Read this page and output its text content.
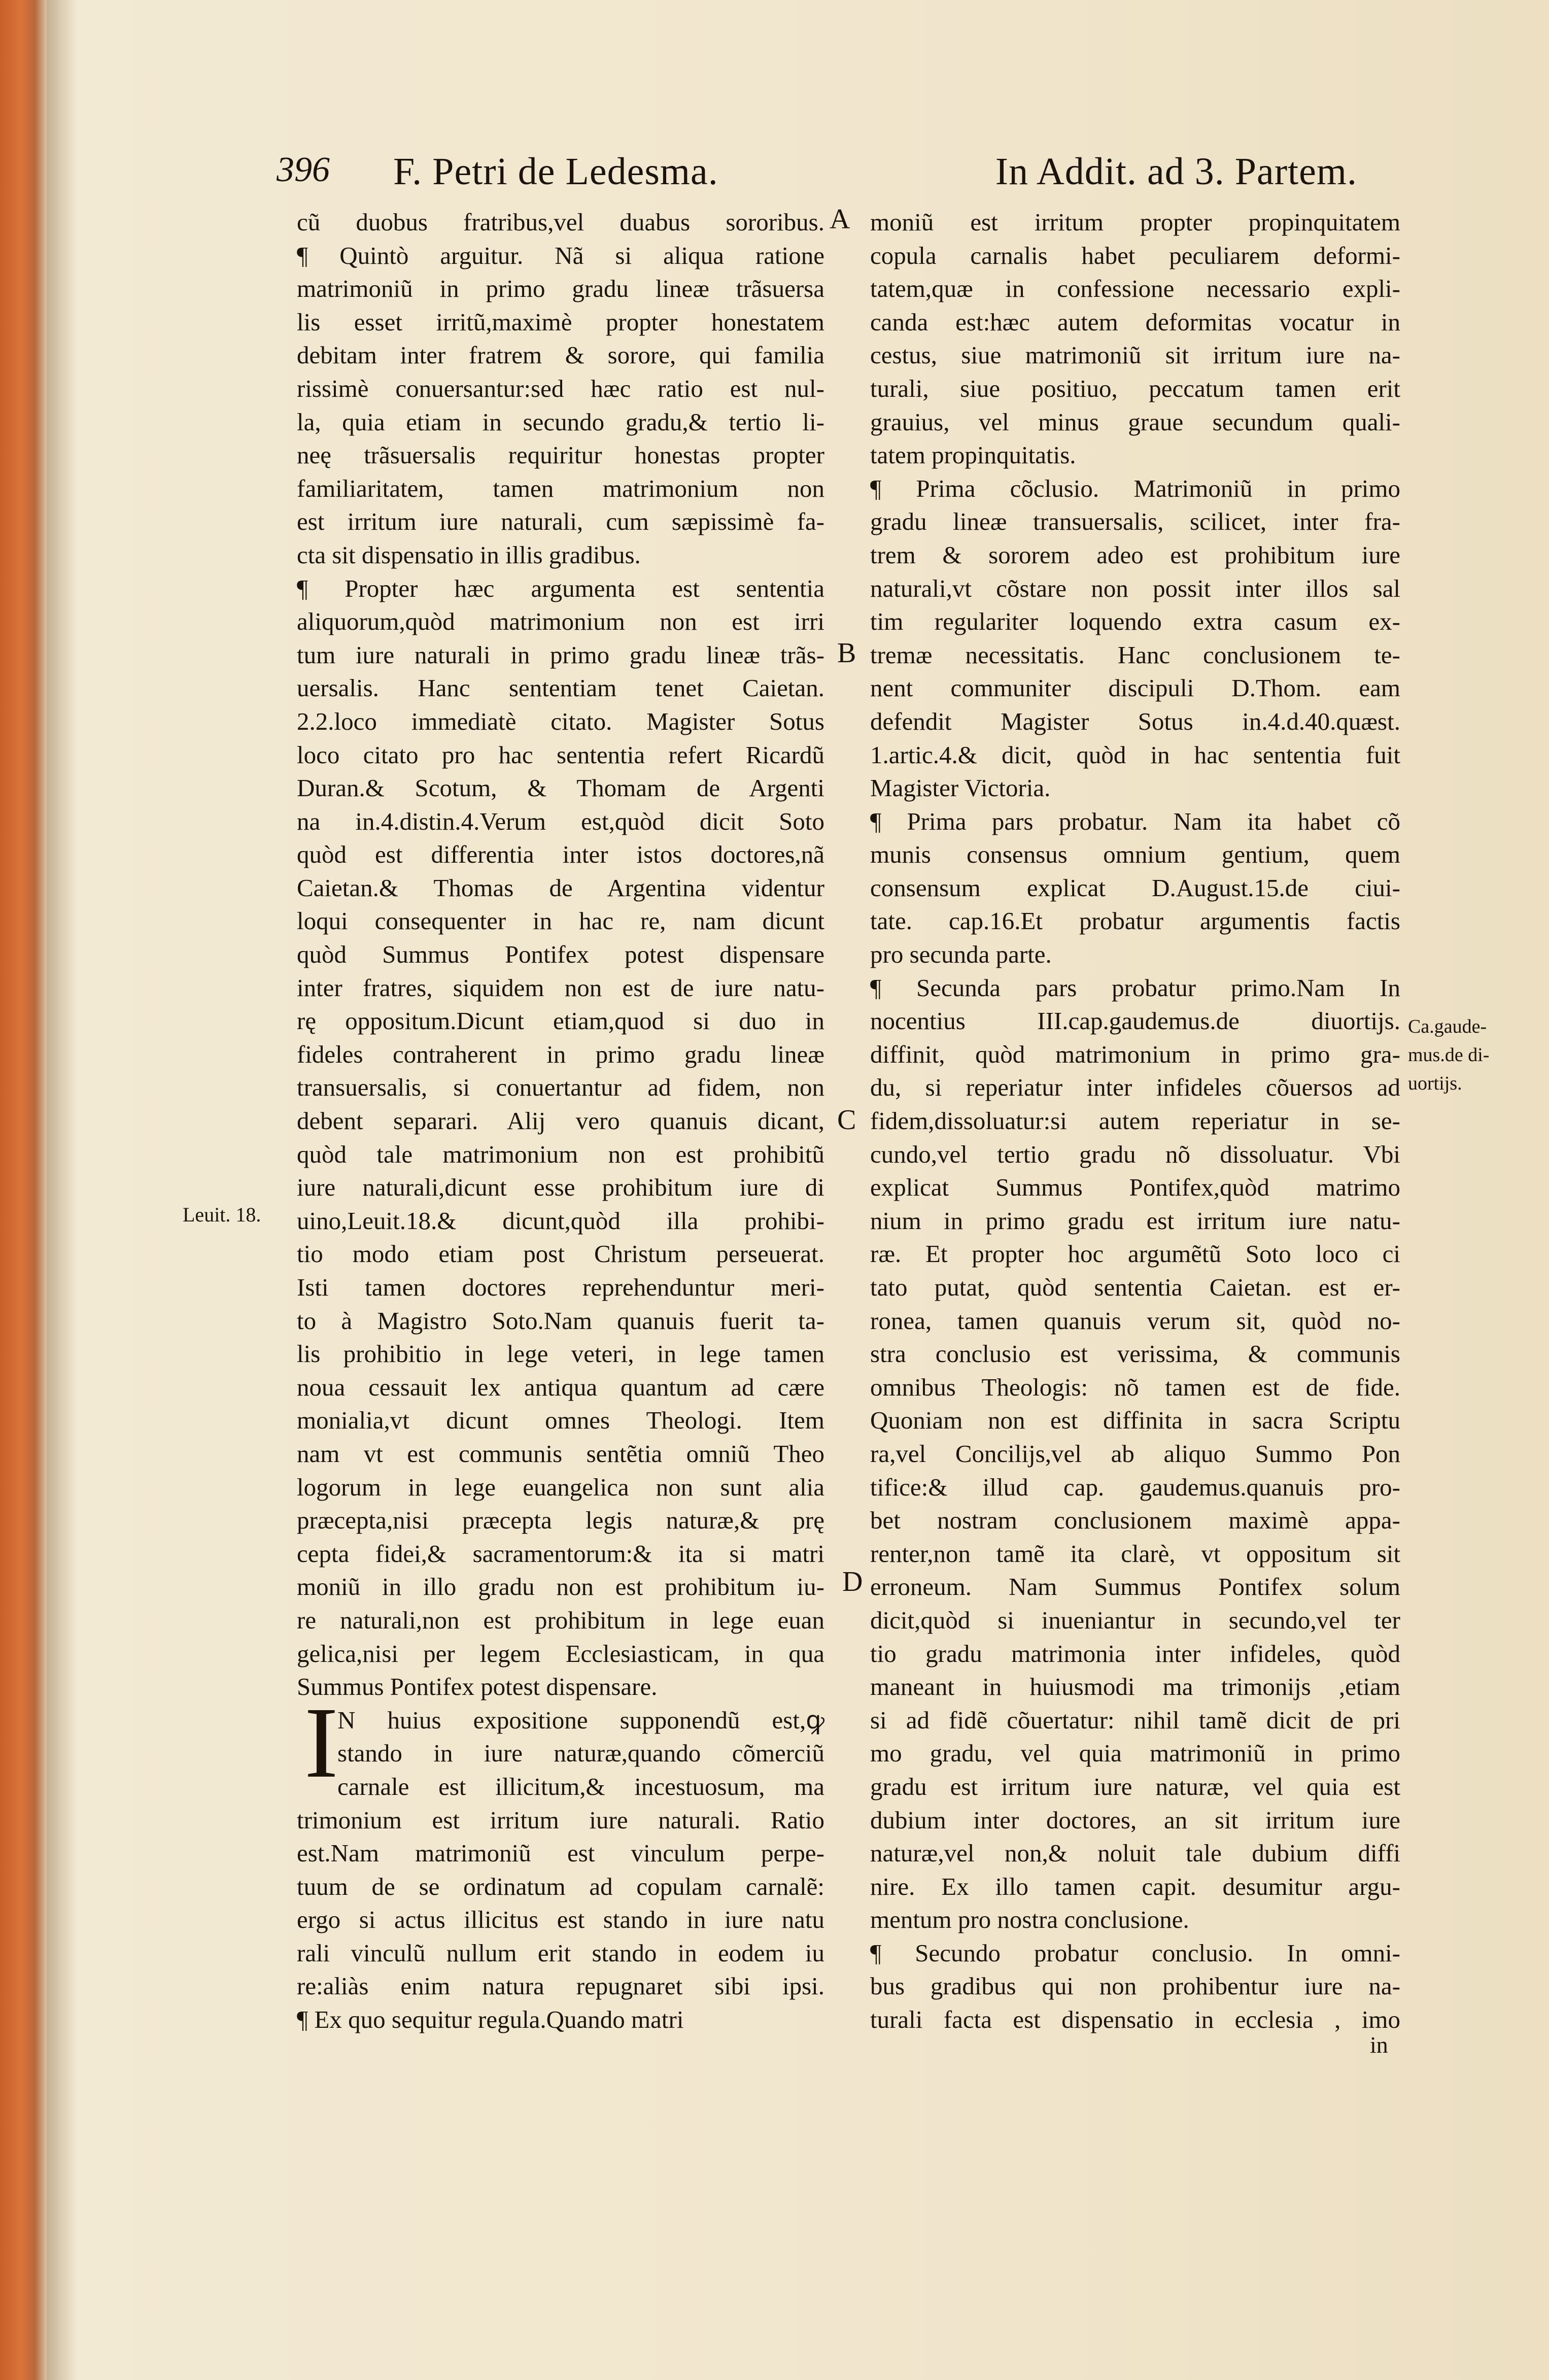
396 F. Petri de Ledesma.	In Addit. ad 3. Partem.
cũ duobus fratribus,vel duabus sororibus.
¶ Quintò arguitur. Nã si aliqua ratione
matrimoniũ in primo gradu lineæ trãsuersa
lis esset irritũ,maximè propter honestatem
debitam inter fratrem & sorore, qui familia
rissimè conuersantur:sed hæc ratio est nul-
la, quia etiam in secundo gradu,& tertio li-
neę trãsuersalis requiritur honestas propter
familiaritatem, tamen matrimonium non
est irritum iure naturali, cum sæpissimè fa-
cta sit dispensatio in illis gradibus.
¶ Propter hæc argumenta est sententia
aliquorum,quòd matrimonium non est irri
tum iure naturali in primo gradu lineæ trãs-
uersalis. Hanc sententiam tenet Caietan.
2.2.loco immediatè citato. Magister Sotus
loco citato pro hac sententia refert Ricardũ
Duran.& Scotum, & Thomam de Argenti
na in.4.distin.4.Verum est,quòd dicit Soto
quòd est differentia inter istos doctores,nã
Caietan.& Thomas de Argentina videntur
loqui consequenter in hac re, nam dicunt
quòd Summus Pontifex potest dispensare
inter fratres, siquidem non est de iure natu-
rę oppositum.Dicunt etiam,quod si duo in
fideles contraherent in primo gradu lineæ
transuersalis, si conuertantur ad fidem, non
debent separari. Alij vero quanuis dicant,
quòd tale matrimonium non est prohibitũ
iure naturali,dicunt esse prohibitum iure di
uino,Leuit.18.& dicunt,quòd illa prohibi-
tio modo etiam post Christum perseuerat.
Isti tamen doctores reprehenduntur meri-
to à Magistro Soto.Nam quanuis fuerit ta-
lis prohibitio in lege veteri, in lege tamen
noua cessauit lex antiqua quantum ad cære
monialia,vt dicunt omnes Theologi. Item
nam vt est communis sentẽtia omniũ Theo
logorum in lege euangelica non sunt alia
præcepta,nisi præcepta legis naturæ,& prę
cepta fidei,& sacramentorum:& ita si matri
moniũ in illo gradu non est prohibitum iu-
re naturali,non est prohibitum in lege euan
gelica,nisi per legem Ecclesiasticam, in qua
Summus Pontifex potest dispensare.
N huius expositione supponendũ est,ꝙ
standо in iure naturæ,quando cõmerciũ
carnale est illicitum,& incestuosum, ma
trimonium est irritum iure naturali. Ratio
est.Nam matrimoniũ est vinculum perpe-
tuum de se ordinatum ad copulam carnalẽ:
ergo si actus illicitus est stando in iure natu
rali vinculũ nullum erit stando in eodem iu
re:aliàs enim natura repugnaret sibi ipsi.
¶ Ex quo sequitur regula.Quando matri
moniũ est irritum propter propinquitatem
copula carnalis habet peculiarem deformi-
tatem,quæ in confessione necessario expli-
canda est:hæc autem deformitas vocatur in
cestus, siue matrimoniũ sit irritum iure na-
turali, siue positiuo, peccatum tamen erit
grauius, vel minus graue secundum quali-
tatem propinquitatis.
¶ Prima cõclusio. Matrimoniũ in primo
gradu lineæ transuersalis, scilicet, inter fra-
trem & sororem adeo est prohibitum iure
naturali,vt cõstare non possit inter illos sal
tim regulariter loquendo extra casum ex-
tremæ necessitatis. Hanc conclusionem te-
nent communiter discipuli D.Thom. eam
defendit Magister Sotus in.4.d.40.quæst.
1.artic.4.& dicit, quòd in hac sententia fuit
Magister Victoria.
¶ Prima pars probatur. Nam ita habet cõ
munis consensus omnium gentium, quem
consensum explicat D.August.15.de ciui-
tate. cap.16.Et probatur argumentis factis
pro secunda parte.
¶ Secunda pars probatur primo.Nam In
nocentius III.cap.gaudemus.de diuortijs.
diffinit, quòd matrimonium in primo gra-
du, si reperiatur inter infideles cõuersos ad
fidem,dissoluatur:si autem reperiatur in se-
cundo,vel tertio gradu nõ dissoluatur. Vbi
explicat Summus Pontifex,quòd matrimo
nium in primo gradu est irritum iure natu-
ræ. Et propter hoc argumẽtũ Soto loco ci
tato putat, quòd sententia Caietan. est er-
ronea, tamen quanuis verum sit, quòd no-
stra conclusio est verissima, & communis
omnibus Theologis: nõ tamen est de fide.
Quoniam non est diffinita in sacra Scriptu
ra,vel Concilijs,vel ab aliquo Summo Pon
tifice:& illud cap. gaudemus.quanuis pro-
bet nostram conclusionem maximè appa-
renter,non tamẽ ita clarè, vt oppositum sit
erroneum. Nam Summus Pontifex solum
dicit,quòd si inueniantur in secundo,vel ter
tio gradu matrimonia inter infideles, quòd
maneant in huiusmodi ma trimonijs ,etiam
si ad fidẽ cõuertatur: nihil tamẽ dicit de pri
mo gradu, vel quia matrimoniũ in primo
gradu est irritum iure naturæ, vel quia est
dubium inter doctores, an sit irritum iure
naturæ,vel non,& noluit tale dubium diffi
nire. Ex illo tamen capit. desumitur argu-
mentum pro nostra conclusione.
¶ Secundo probatur conclusio. In omni-
bus gradibus qui non prohibentur iure na-
turali facta est dispensatio in ecclesia , imo
I
A
B
C
D
Leuit. 18.
Ca.gaude-
mus.de di-
uortijs.
in
